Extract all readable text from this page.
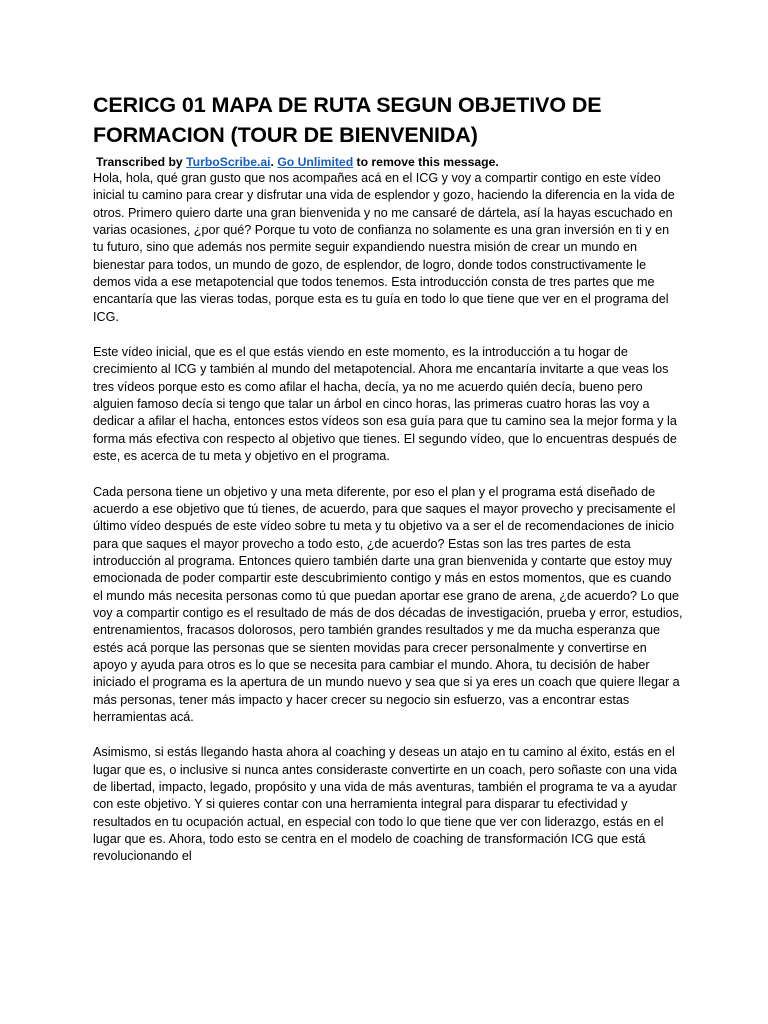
CERICG 01 MAPA DE RUTA SEGUN OBJETIVO DE FORMACION (TOUR DE BIENVENIDA)
Transcribed by TurboScribe.ai. Go Unlimited to remove this message.

Hola, hola, qué gran gusto que nos acompañes acá en el ICG y voy a compartir contigo en este vídeo inicial tu camino para crear y disfrutar una vida de esplendor y gozo, haciendo la diferencia en la vida de otros. Primero quiero darte una gran bienvenida y no me cansaré de dártela, así la hayas escuchado en varias ocasiones, ¿por qué? Porque tu voto de confianza no solamente es una gran inversión en ti y en tu futuro, sino que además nos permite seguir expandiendo nuestra misión de crear un mundo en bienestar para todos, un mundo de gozo, de esplendor, de logro, donde todos constructivamente le demos vida a ese metapotencial que todos tenemos. Esta introducción consta de tres partes que me encantaría que las vieras todas, porque esta es tu guía en todo lo que tiene que ver en el programa del ICG.

Este vídeo inicial, que es el que estás viendo en este momento, es la introducción a tu hogar de crecimiento al ICG y también al mundo del metapotencial. Ahora me encantaría invitarte a que veas los tres vídeos porque esto es como afilar el hacha, decía, ya no me acuerdo quién decía, bueno pero alguien famoso decía si tengo que talar un árbol en cinco horas, las primeras cuatro horas las voy a dedicar a afilar el hacha, entonces estos vídeos son esa guía para que tu camino sea la mejor forma y la forma más efectiva con respecto al objetivo que tienes. El segundo vídeo, que lo encuentras después de este, es acerca de tu meta y objetivo en el programa.

Cada persona tiene un objetivo y una meta diferente, por eso el plan y el programa está diseñado de acuerdo a ese objetivo que tú tienes, de acuerdo, para que saques el mayor provecho y precisamente el último vídeo después de este vídeo sobre tu meta y tu objetivo va a ser el de recomendaciones de inicio para que saques el mayor provecho a todo esto, ¿de acuerdo? Estas son las tres partes de esta introducción al programa. Entonces quiero también darte una gran bienvenida y contarte que estoy muy emocionada de poder compartir este descubrimiento contigo y más en estos momentos, que es cuando el mundo más necesita personas como tú que puedan aportar ese grano de arena, ¿de acuerdo? Lo que voy a compartir contigo es el resultado de más de dos décadas de investigación, prueba y error, estudios, entrenamientos, fracasos dolorosos, pero también grandes resultados y me da mucha esperanza que estés acá porque las personas que se sienten movidas para crecer personalmente y convertirse en apoyo y ayuda para otros es lo que se necesita para cambiar el mundo. Ahora, tu decisión de haber iniciado el programa es la apertura de un mundo nuevo y sea que si ya eres un coach que quiere llegar a más personas, tener más impacto y hacer crecer su negocio sin esfuerzo, vas a encontrar estas herramientas acá.

Asimismo, si estás llegando hasta ahora al coaching y deseas un atajo en tu camino al éxito, estás en el lugar que es, o inclusive si nunca antes consideraste convertirte en un coach, pero soñaste con una vida de libertad, impacto, legado, propósito y una vida de más aventuras, también el programa te va a ayudar con este objetivo. Y si quieres contar con una herramienta integral para disparar tu efectividad y resultados en tu ocupación actual, en especial con todo lo que tiene que ver con liderazgo, estás en el lugar que es. Ahora, todo esto se centra en el modelo de coaching de transformación ICG que está revolucionando el
